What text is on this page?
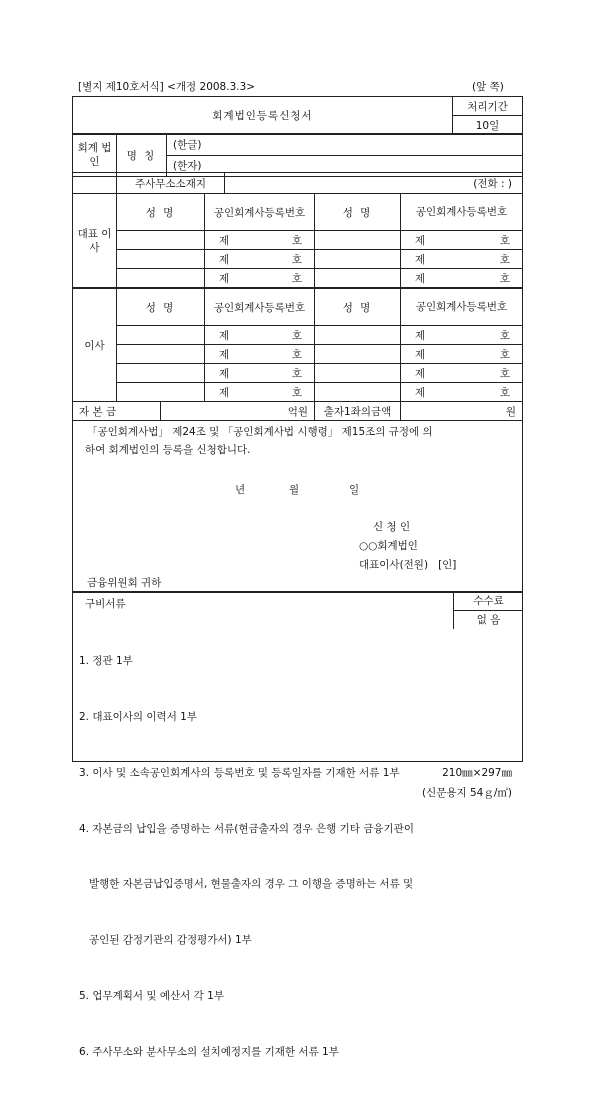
[별지 제10호서식] <개정 2008.3.3>	(앞 쪽)
회계법인등록신청서	처리기간
10일
회계 법인	명 칭	(한글)
(한자)
	주사무소소재지	(전화 : )
대표 이사	성 명	공인회계사등록번호	성 명	공인회계사등록번호

		제 호		제 호

		제 호		제 호

		제 호		제 호
이사	성 명	공인회계사등록번호	성 명	공인회계사등록번호

		제 호		제 호

		제 호		제 호

		제 호		제 호

		제 호		제 호
자 본 금	억원	출자1좌의금액	원
「공인회계사법」 제24조 및 「공인회계사법 시행령」 제15조의 규정에 의
하여 회계법인의 등록을 신청합니다.
년	월	일
신 청 인
○○회계법인
대표이사(전원)   [인]
금융위원회 귀하
구비서류	수수료
없 음

1. 정관 1부

2. 대표이사의 이력서 1부

3. 이사 및 소속공인회계사의 등록번호 및 등록일자를 기재한 서류 1부

4. 자본금의 납입을 증명하는 서류(현금출자의 경우 은행 기타 금융기관이

발행한 자본금납입증명서, 현물출자의 경우 그 이행을 증명하는 서류 및

공인된 감정기관의 감정평가서) 1부

5. 업무계획서 및 예산서 각 1부

6. 주사무소와 분사무소의 설치예정지를 기재한 서류 1부

210㎜×297㎜
(신문용지 54ｇ/㎡)
